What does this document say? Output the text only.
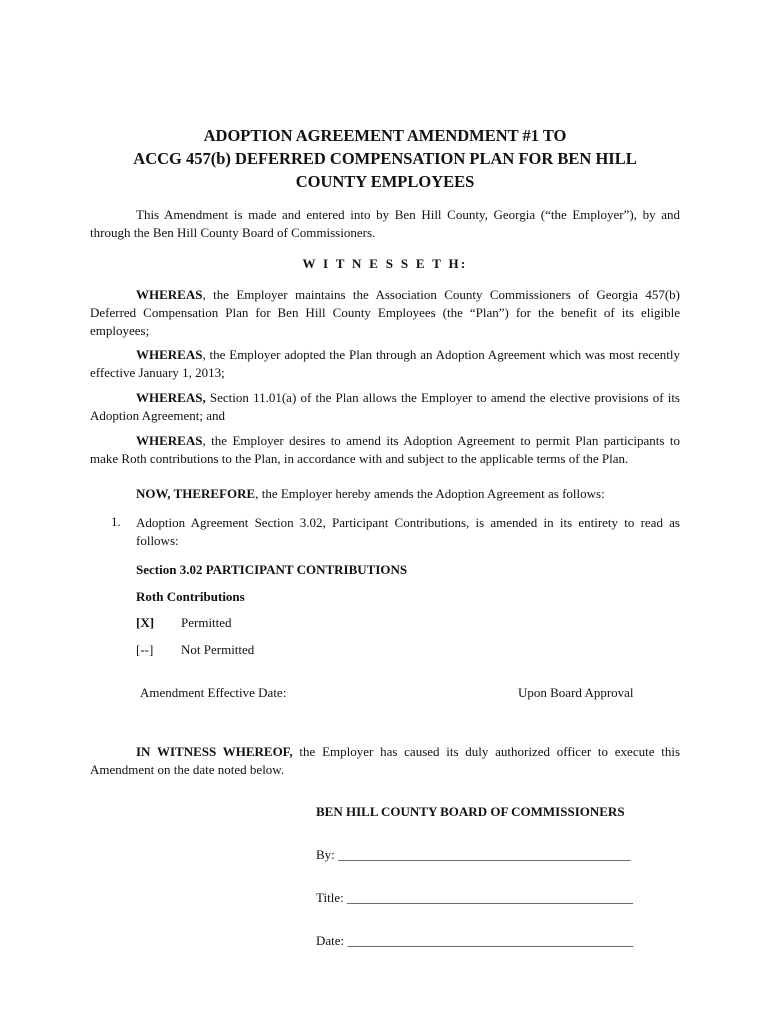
ADOPTION AGREEMENT AMENDMENT #1 TO
ACCG 457(b) DEFERRED COMPENSATION PLAN FOR BEN HILL
COUNTY EMPLOYEES
This Amendment is made and entered into by Ben Hill County, Georgia (“the Employer”), by and through the Ben Hill County Board of Commissioners.
W I T N E S S E T H:
WHEREAS, the Employer maintains the Association County Commissioners of Georgia 457(b) Deferred Compensation Plan for Ben Hill County Employees (the “Plan”) for the benefit of its eligible employees;
WHEREAS, the Employer adopted the Plan through an Adoption Agreement which was most recently effective January 1, 2013;
WHEREAS, Section 11.01(a) of the Plan allows the Employer to amend the elective provisions of its Adoption Agreement; and
WHEREAS, the Employer desires to amend its Adoption Agreement to permit Plan participants to make Roth contributions to the Plan, in accordance with and subject to the applicable terms of the Plan.
NOW, THEREFORE, the Employer hereby amends the Adoption Agreement as follows:
1. Adoption Agreement Section 3.02, Participant Contributions, is amended in its entirety to read as follows:
Section 3.02 PARTICIPANT CONTRIBUTIONS
Roth Contributions
[X] Permitted
[--] Not Permitted
Amendment Effective Date:	Upon Board Approval
IN WITNESS WHEREOF, the Employer has caused its duly authorized officer to execute this Amendment on the date noted below.
BEN HILL COUNTY BOARD OF COMMISSIONERS
By: _____________________________________________
Title: ____________________________________________
Date: ____________________________________________
